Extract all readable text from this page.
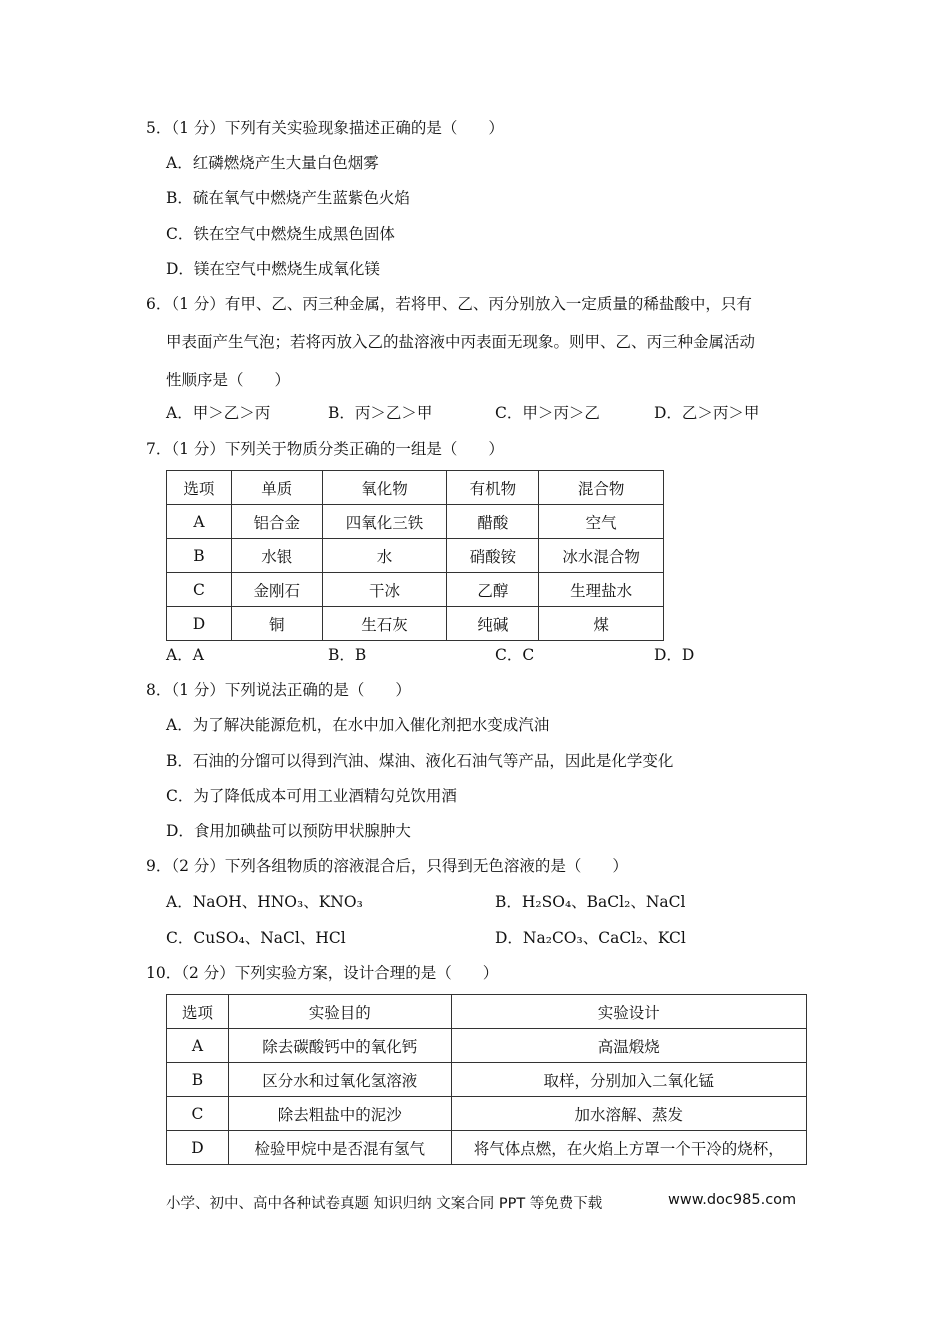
5．（1 分）下列有关实验现象描述正确的是（　　）
A．红磷燃烧产生大量白色烟雾
B．硫在氧气中燃烧产生蓝紫色火焰
C．铁在空气中燃烧生成黑色固体
D．镁在空气中燃烧生成氧化镁
6．（1 分）有甲、乙、丙三种金属，若将甲、乙、丙分别放入一定质量的稀盐酸中，只有
甲表面产生气泡；若将丙放入乙的盐溶液中丙表面无现象。则甲、乙、丙三种金属活动
性顺序是（　　）
A．甲＞乙＞丙	B．丙＞乙＞甲	C．甲＞丙＞乙	D．乙＞丙＞甲
7．（1 分）下列关于物质分类正确的一组是（　　）
选项	单质	氧化物	有机物	混合物
A	铝合金	四氧化三铁	醋酸	空气
B	水银	水	硝酸铵	冰水混合物
C	金刚石	干冰	乙醇	生理盐水
D	铜	生石灰	纯碱	煤
A．A	B．B	C．C	D．D
8．（1 分）下列说法正确的是（　　）
A．为了解决能源危机，在水中加入催化剂把水变成汽油
B．石油的分馏可以得到汽油、煤油、液化石油气等产品，因此是化学变化
C．为了降低成本可用工业酒精勾兑饮用酒
D．食用加碘盐可以预防甲状腺肿大
9．（2 分）下列各组物质的溶液混合后，只得到无色溶液的是（　　）
A．NaOH、HNO₃、KNO₃	B．H₂SO₄、BaCl₂、NaCl
C．CuSO₄、NaCl、HCl	D．Na₂CO₃、CaCl₂、KCl
10．（2 分）下列实验方案，设计合理的是（　　）
选项	实验目的	实验设计
A	除去碳酸钙中的氧化钙	高温煅烧
B	区分水和过氧化氢溶液	取样，分别加入二氧化锰
C	除去粗盐中的泥沙	加水溶解、蒸发
D	检验甲烷中是否混有氢气	将气体点燃，在火焰上方罩一个干冷的烧杯，
小学、初中、高中各种试卷真题 知识归纳 文案合同 PPT 等免费下载	www.doc985.com
